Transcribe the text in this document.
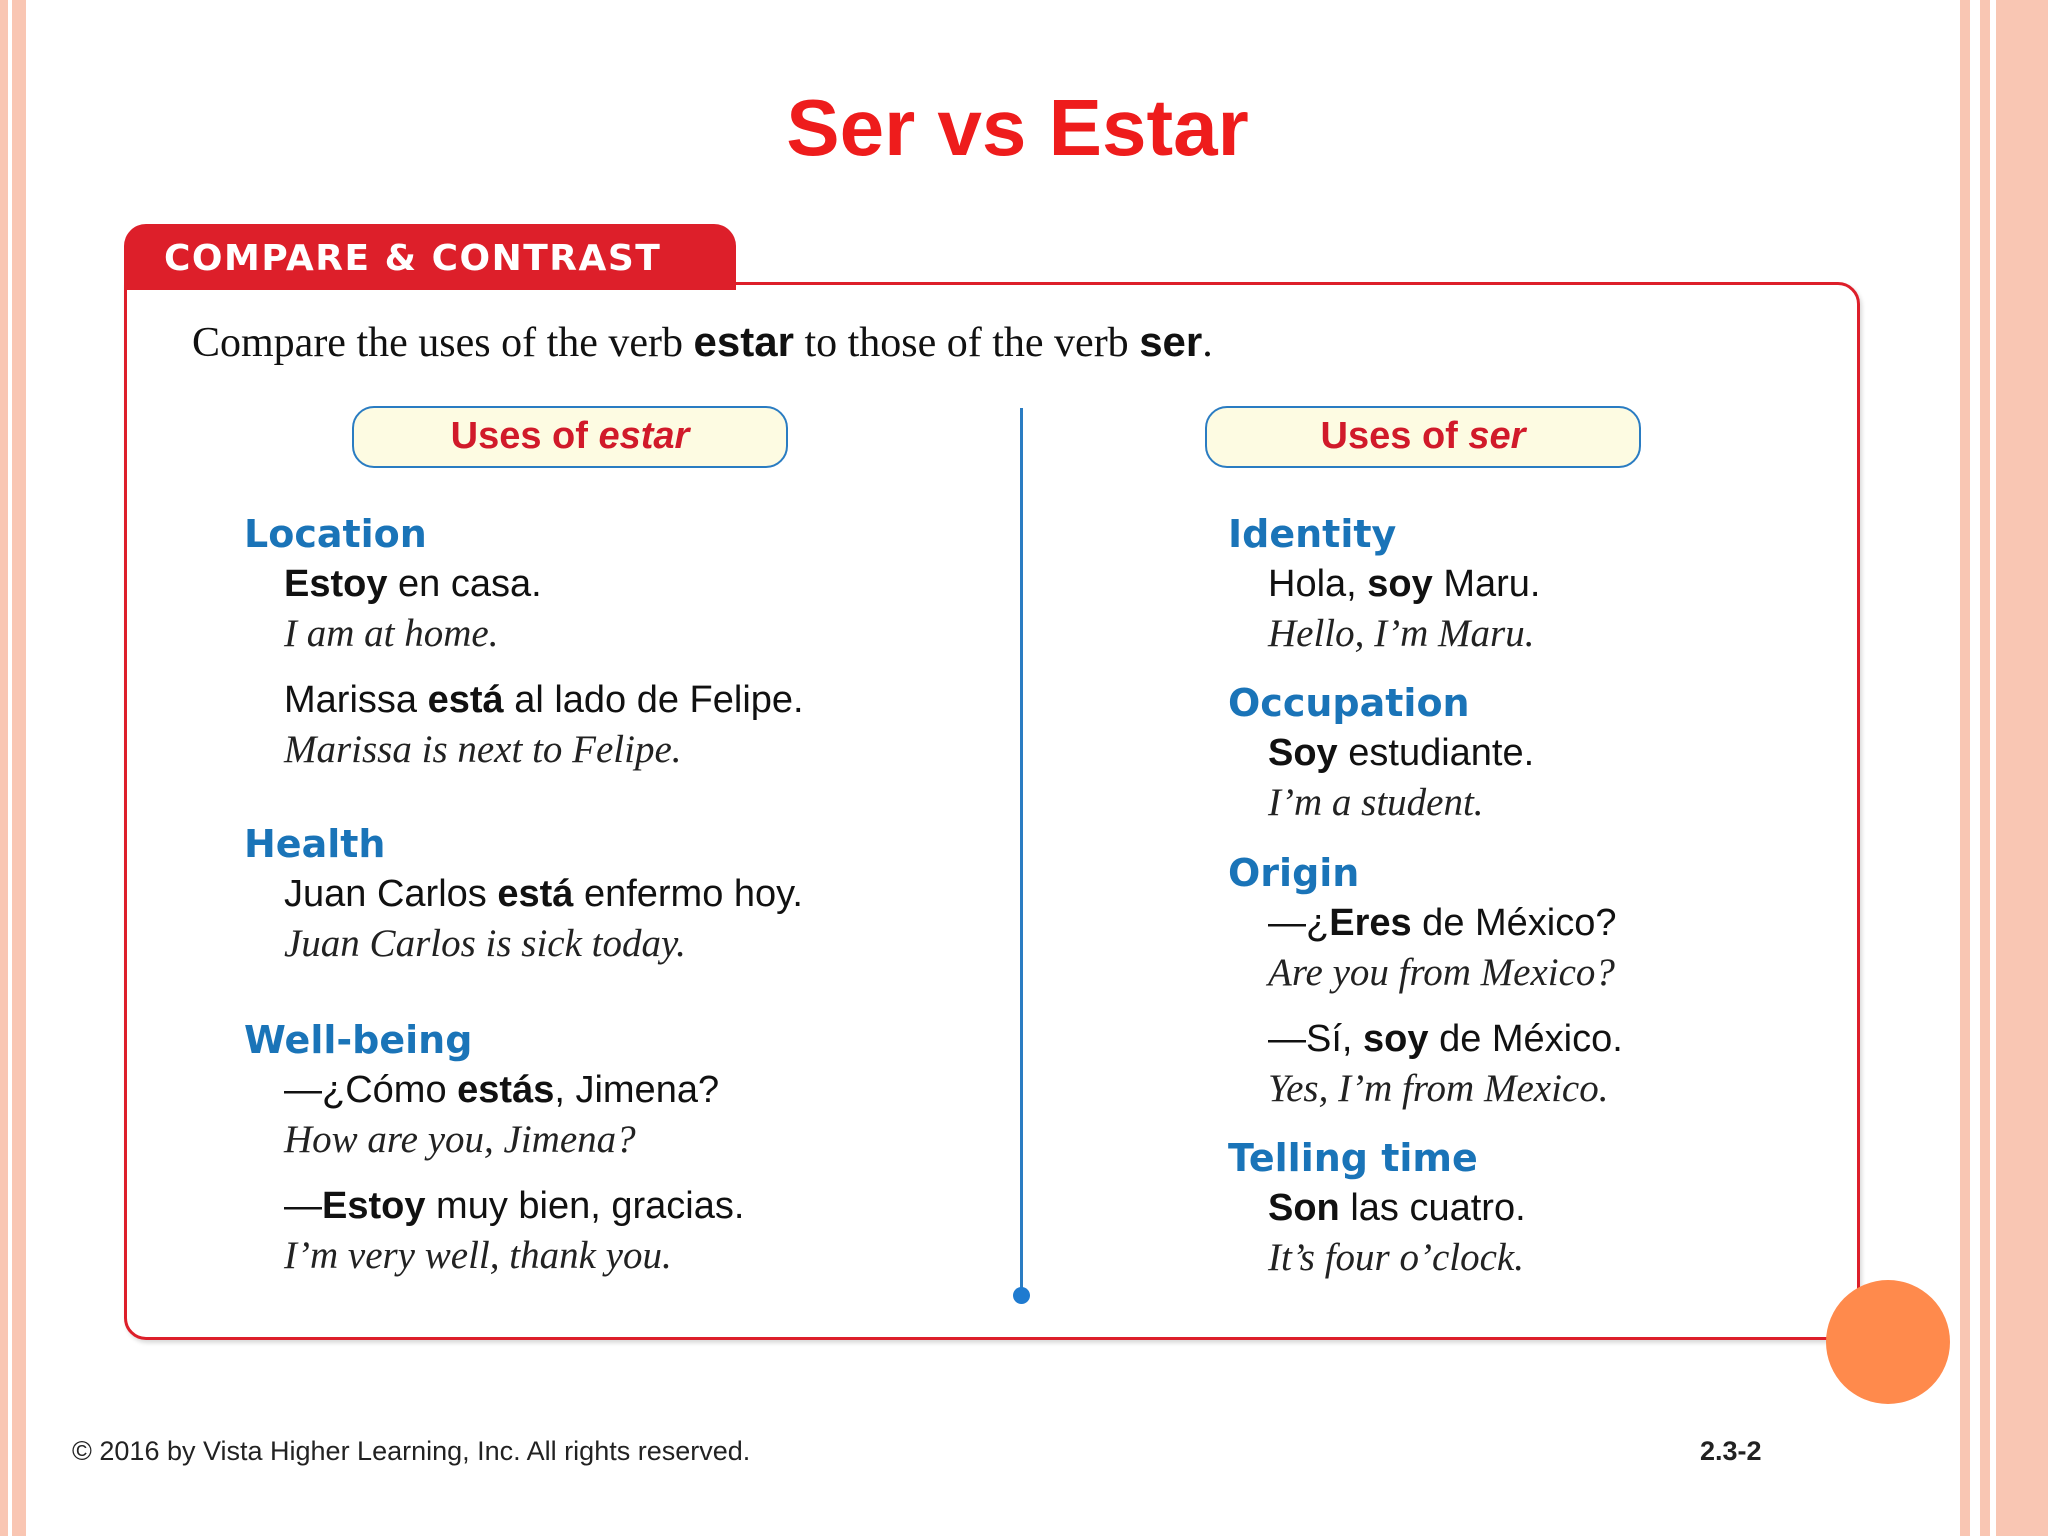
Ser vs Estar
COMPARE & CONTRAST
Compare the uses of the verb estar to those of the verb ser.
Uses of estar	Uses of ser
Location
Estoy en casa.
I am at home.
Marissa está al lado de Felipe.
Marissa is next to Felipe.
Health
Juan Carlos está enfermo hoy.
Juan Carlos is sick today.
Well-being
—¿Cómo estás, Jimena?
How are you, Jimena?
—Estoy muy bien, gracias.
I’m very well, thank you.
Identity
Hola, soy Maru.
Hello, I’m Maru.
Occupation
Soy estudiante.
I’m a student.
Origin
—¿Eres de México?
Are you from Mexico?
—Sí, soy de México.
Yes, I’m from Mexico.
Telling time
Son las cuatro.
It’s four o’clock.
© 2016 by Vista Higher Learning, Inc. All rights reserved.	2.3-2
